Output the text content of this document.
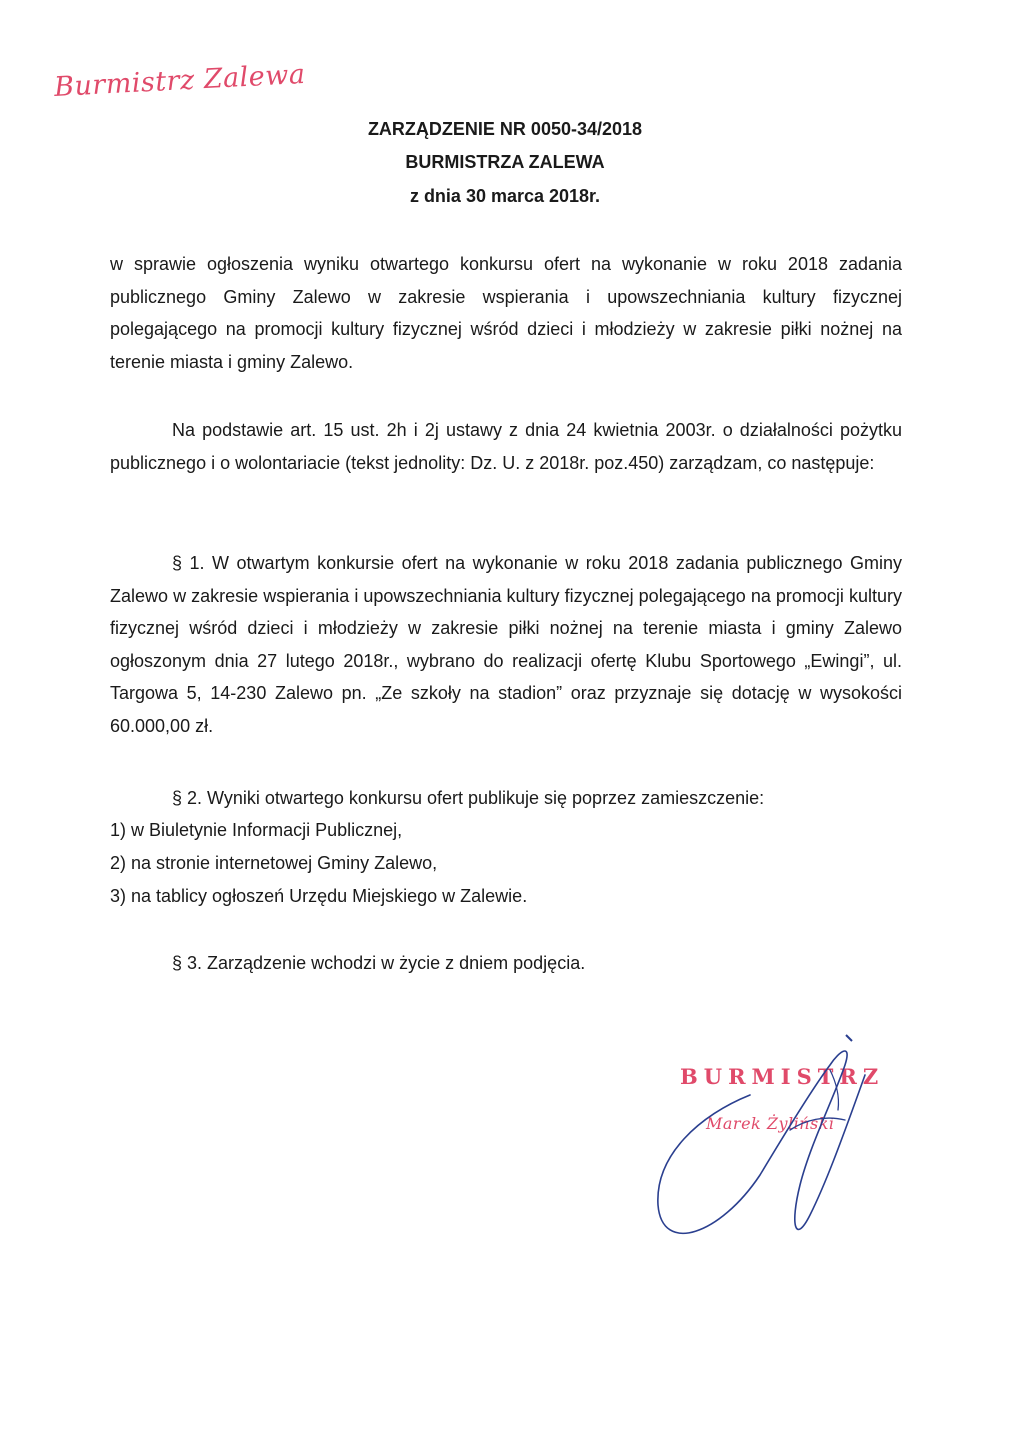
Burmistrz Zalewa
ZARZĄDZENIE NR 0050-34/2018
BURMISTRZA ZALEWA
z dnia 30 marca 2018r.

w sprawie ogłoszenia wyniku otwartego konkursu ofert na wykonanie w roku 2018 zadania publicznego Gminy Zalewo w zakresie wspierania i upowszechniania kultury fizycznej polegającego na promocji kultury fizycznej wśród dzieci i młodzieży w zakresie piłki nożnej na terenie miasta i gminy Zalewo.

Na podstawie art. 15 ust. 2h i 2j ustawy z dnia 24 kwietnia 2003r. o działalności pożytku publicznego i o wolontariacie (tekst jednolity: Dz. U. z 2018r. poz.450) zarządzam, co następuje:

§ 1. W otwartym konkursie ofert na wykonanie w roku 2018 zadania publicznego Gminy Zalewo w zakresie wspierania i upowszechniania kultury fizycznej polegającego na promocji kultury fizycznej wśród dzieci i młodzieży w zakresie piłki nożnej na terenie miasta i gminy Zalewo ogłoszonym dnia 27 lutego 2018r., wybrano do realizacji ofertę Klubu Sportowego „Ewingi”, ul. Targowa 5, 14-230 Zalewo pn. „Ze szkoły na stadion” oraz przyznaje się dotację w wysokości 60.000,00 zł.

§ 2. Wyniki otwartego konkursu ofert publikuje się poprzez zamieszczenie:
1) w Biuletynie Informacji Publicznej,
2) na stronie internetowej Gminy Zalewo,
3) na tablicy ogłoszeń Urzędu Miejskiego w Zalewie.
§ 3. Zarządzenie wchodzi w życie z dniem podjęcia.
BURMISTRZ
Marek Żyliński
